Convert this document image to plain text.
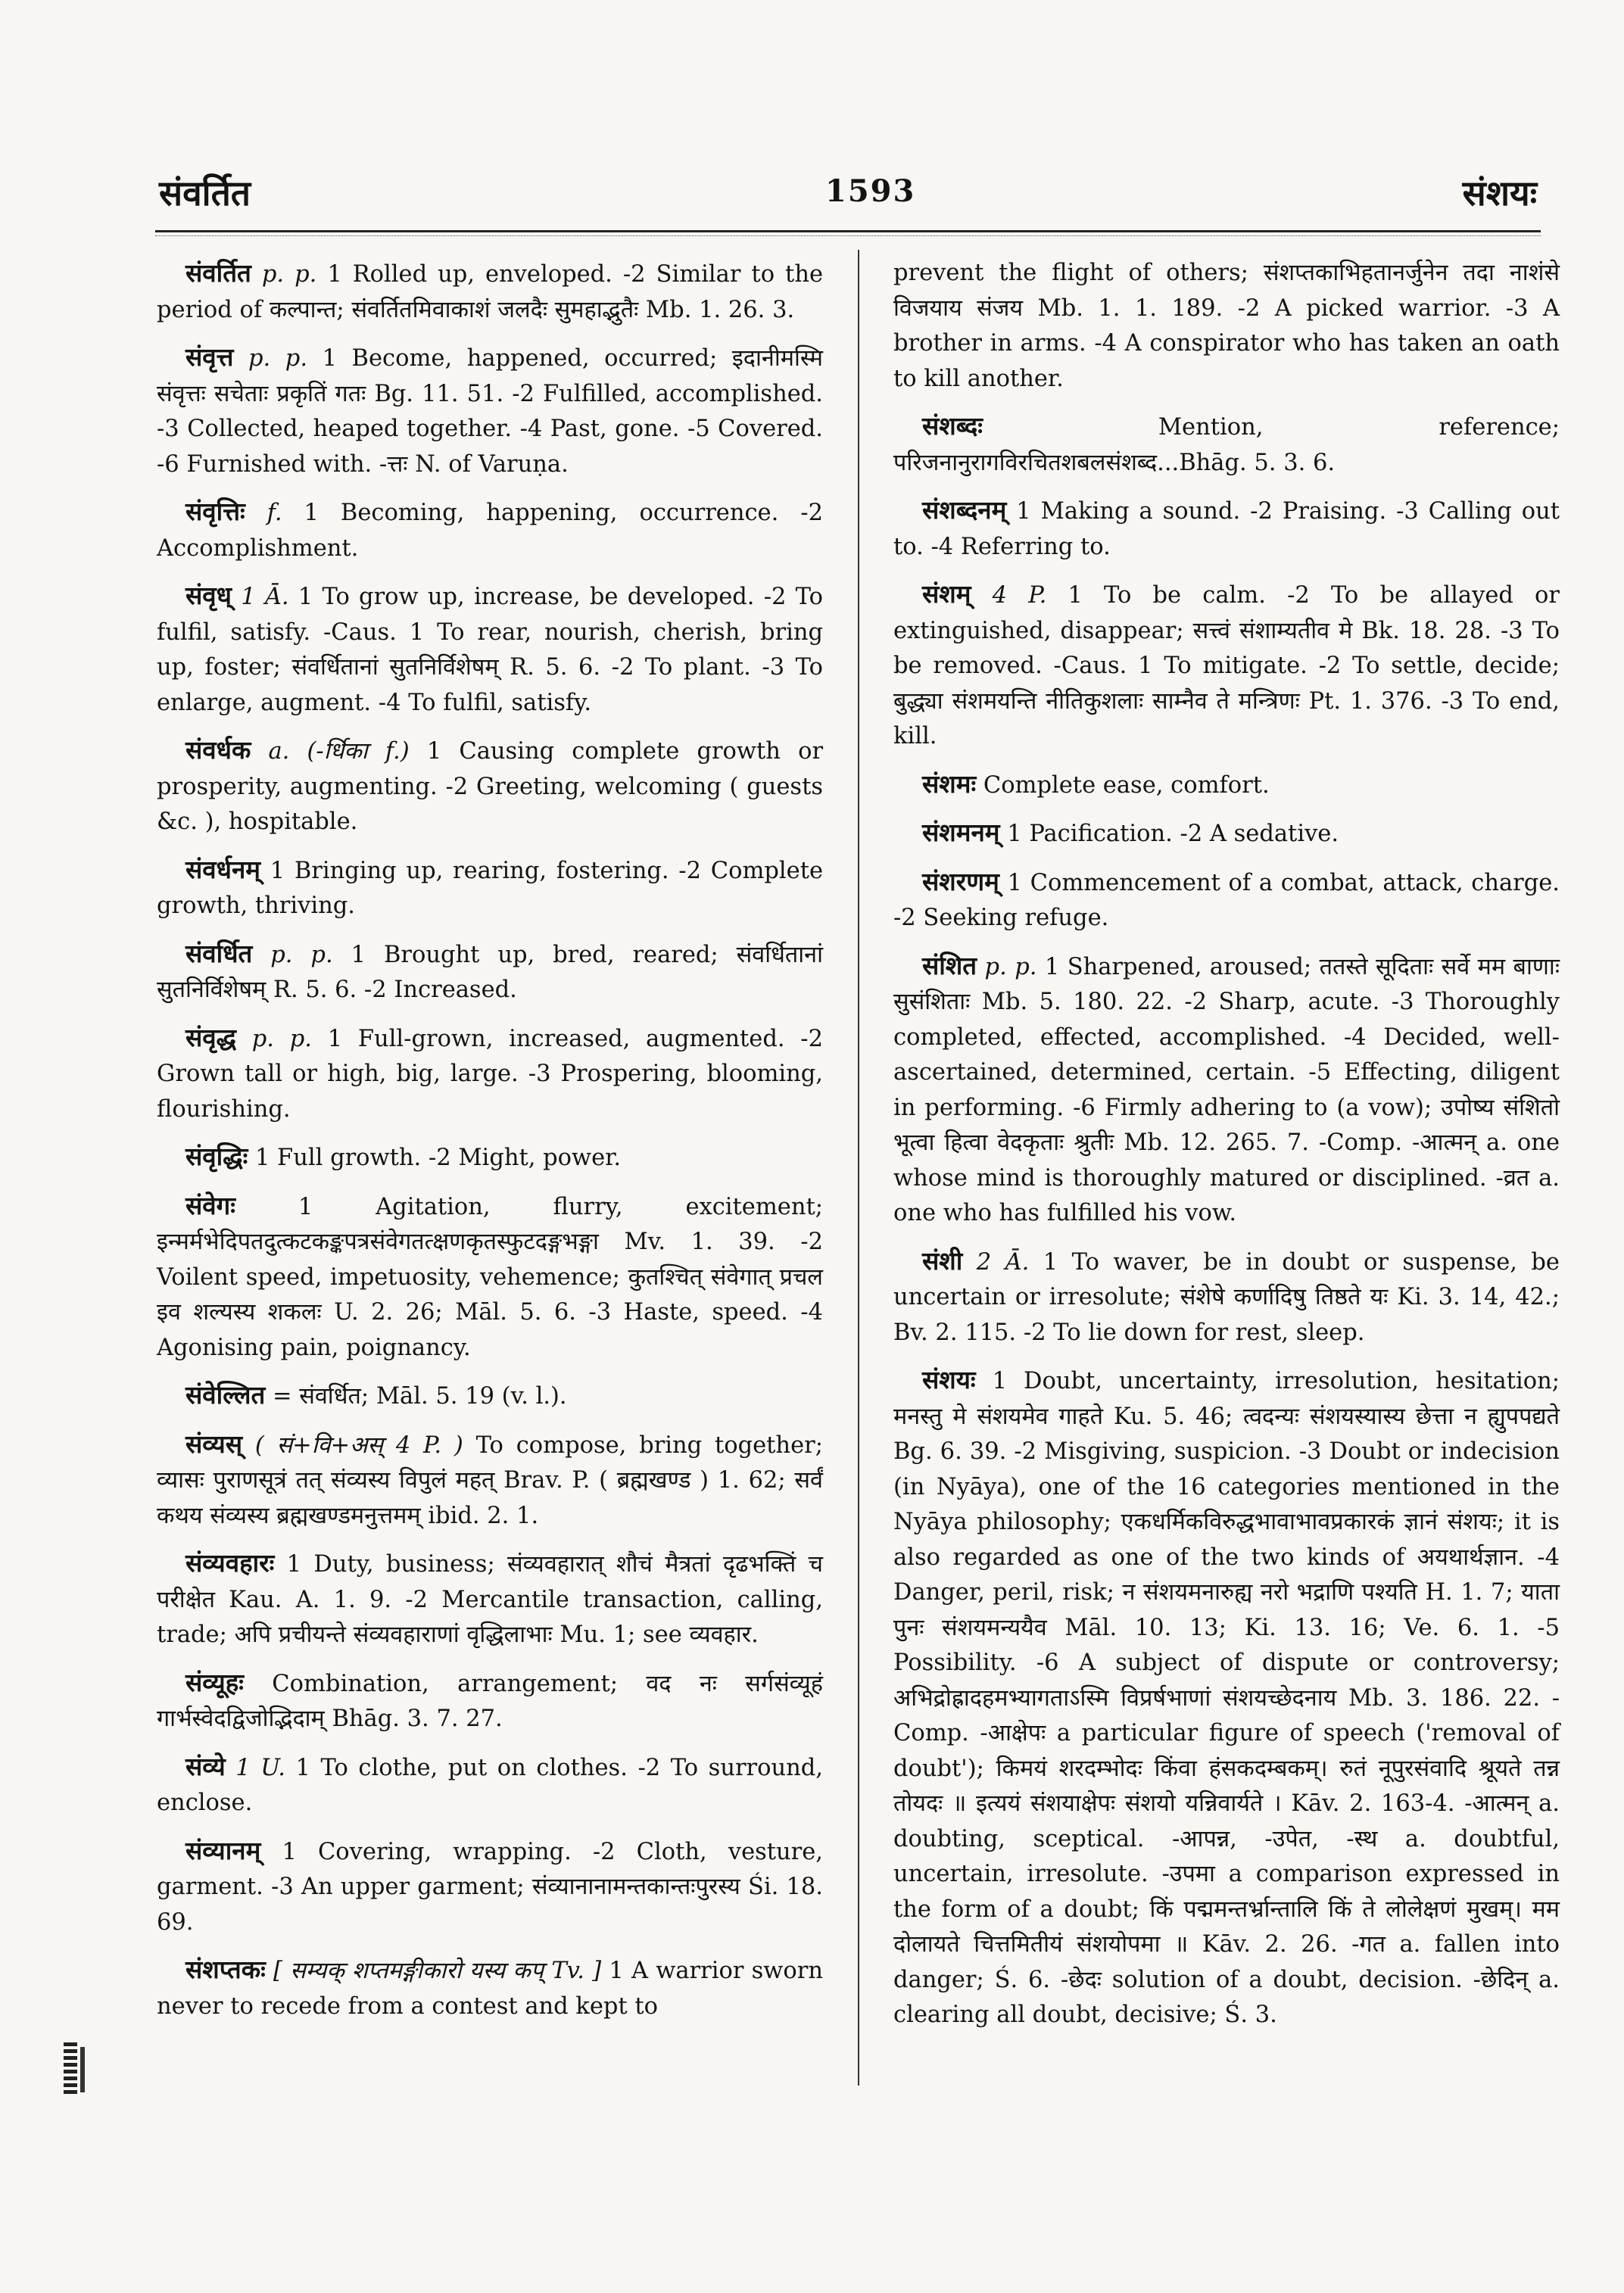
संवर्तित	1593	संशयः

संवर्तित p. p. 1 Rolled up, enveloped. -2 Similar to the period of कल्पान्त; संवर्तितमिवाकाशं जलदैः सुमहाद्भुतैः Mb. 1. 26. 3.

संवृत्त p. p. 1 Become, happened, occurred; इदानीमस्मि संवृत्तः सचेताः प्रकृतिं गतः Bg. 11. 51. -2 Fulfilled, accomplished. -3 Collected, heaped together. -4 Past, gone. -5 Covered. -6 Furnished with. -त्तः N. of Varuṇa.

संवृत्तिः f. 1 Becoming, happening, occurrence. -2 Accomplishment.

संवृध् 1 Ā. 1 To grow up, increase, be developed. -2 To fulfil, satisfy. -Caus. 1 To rear, nourish, cherish, bring up, foster; संवर्धितानां सुतनिर्विशेषम् R. 5. 6. -2 To plant. -3 To enlarge, augment. -4 To fulfil, satisfy.

संवर्धक a. (-र्धिका f.) 1 Causing complete growth or prosperity, augmenting. -2 Greeting, welcoming ( guests &c. ), hospitable.

संवर्धनम् 1 Bringing up, rearing, fostering. -2 Complete growth, thriving.

संवर्धित p. p. 1 Brought up, bred, reared; संवर्धितानां सुतनिर्विशेषम् R. 5. 6. -2 Increased.

संवृद्ध p. p. 1 Full-grown, increased, augmented. -2 Grown tall or high, big, large. -3 Prospering, blooming, flourishing.

संवृद्धिः 1 Full growth. -2 Might, power.

संवेगः	1 Agitation, flurry, excitement; इन्मर्मभेदिपतदुत्कटकङ्कपत्रसंवेगतत्क्षणकृतस्फुटदङ्गभङ्गा Mv. 1. 39. -2 Voilent speed, impetuosity, vehemence; कुतश्चित् संवेगात् प्रचल इव शल्यस्य शकलः U. 2. 26; Māl. 5. 6. -3 Haste, speed. -4 Agonising pain, poignancy.

संवेल्लित = संवर्धित; Māl. 5. 19 (v. l.).

संव्यस् ( सं+वि+अस् 4 P. ) To compose, bring together; व्यासः पुराणसूत्रं तत् संव्यस्य विपुलं महत् Brav. P. ( ब्रह्मखण्ड ) 1. 62; सर्वं कथय संव्यस्य ब्रह्मखण्डमनुत्तमम् ibid. 2. 1.

संव्यवहारः 1 Duty, business; संव्यवहारात् शौचं मैत्रतां दृढभक्तिं च परीक्षेत Kau. A. 1. 9. -2 Mercantile transaction, calling, trade; अपि प्रचीयन्ते संव्यवहाराणां वृद्धिलाभाः Mu. 1; see व्यवहार.

संव्यूहः Combination, arrangement; वद नः सर्गसंव्यूहं गार्भस्वेदद्विजोद्भिदाम् Bhāg. 3. 7. 27.

संव्ये 1 U. 1 To clothe, put on clothes. -2 To surround, enclose.

संव्यानम् 1 Covering, wrapping. -2 Cloth, vesture, garment. -3 An upper garment; संव्यानानामन्तकान्तःपुरस्य Śi. 18. 69.

संशप्तकः [ सम्यक् शप्तमङ्गीकारो यस्य कप् Tv. ] 1 A warrior sworn never to recede from a contest and kept to

prevent the flight of others; संशप्तकाभिहतानर्जुनेन तदा नाशंसे विजयाय संजय Mb. 1. 1. 189. -2 A picked warrior. -3 A brother in arms. -4 A conspirator who has taken an oath to kill another.

संशब्दः	Mention, reference; परिजनानुरागविरचितशबलसंशब्द...Bhāg. 5. 3. 6.

संशब्दनम् 1 Making a sound. -2 Praising. -3 Calling out to. -4 Referring to.

संशम् 4 P. 1 To be calm. -2 To be allayed or extinguished, disappear; सत्त्वं संशाम्यतीव मे Bk. 18. 28. -3 To be removed. -Caus. 1 To mitigate. -2 To settle, decide; बुद्ध्या संशमयन्ति नीतिकुशलाः साम्नैव ते मन्त्रिणः Pt. 1. 376. -3 To end, kill.

संशमः Complete ease, comfort.

संशमनम् 1 Pacification. -2 A sedative.

संशरणम् 1 Commencement of a combat, attack, charge. -2 Seeking refuge.

संशित p. p. 1 Sharpened, aroused; ततस्ते सूदिताः सर्वे मम बाणाः सुसंशिताः Mb. 5. 180. 22. -2 Sharp, acute. -3 Thoroughly completed, effected, accomplished. -4 Decided, well-ascertained, determined, certain. -5 Effecting, diligent in performing. -6 Firmly adhering to (a vow); उपोष्य संशितो भूत्वा हित्वा वेदकृताः श्रुतीः Mb. 12. 265. 7. -Comp. -आत्मन् a. one whose mind is thoroughly matured or disciplined. -व्रत a. one who has fulfilled his vow.

संशी 2 Ā. 1 To waver, be in doubt or suspense, be uncertain or irresolute; संशेषे कर्णादिषु तिष्ठते यः Ki. 3. 14, 42.; Bv. 2. 115. -2 To lie down for rest, sleep.

संशयः 1 Doubt, uncertainty, irresolution, hesitation; मनस्तु मे संशयमेव गाहते Ku. 5. 46; त्वदन्यः संशयस्यास्य छेत्ता न ह्युपपद्यते Bg. 6. 39. -2 Misgiving, suspicion. -3 Doubt or indecision (in Nyāya), one of the 16 categories mentioned in the Nyāya philosophy; एकधर्मिकविरुद्धभावाभावप्रकारकं ज्ञानं संशयः; it is also regarded as one of the two kinds of अयथार्थज्ञान. -4 Danger, peril, risk; न संशयमनारुह्य नरो भद्राणि पश्यति H. 1. 7; याता पुनः संशयमन्ययैव Māl. 10. 13; Ki. 13. 16; Ve. 6. 1. -5 Possibility. -6 A subject of dispute or controversy; अभिद्रोह्रादहमभ्यागताऽस्मि विप्रर्षभाणां संशयच्छेदनाय Mb. 3. 186. 22. -Comp. -आक्षेपः a particular figure of speech ('removal of doubt'); किमयं शरदम्भोदः किंवा हंसकदम्बकम्। रुतं नूपुरसंवादि श्रूयते तन्न तोयदः ॥ इत्ययं संशयाक्षेपः संशयो यन्निवार्यते । Kāv. 2. 163-4. -आत्मन् a. doubting, sceptical. -आपन्न, -उपेत, -स्थ a. doubtful, uncertain, irresolute. -उपमा a comparison expressed in the form of a doubt; किं पद्ममन्तर्भ्रान्तालि किं ते लोलेक्षणं मुखम्। मम दोलायते चित्तमितीयं संशयोपमा ॥ Kāv. 2. 26. -गत a. fallen into danger; Ś. 6. -छेदः solution of a doubt, decision. -छेदिन् a. clearing all doubt, decisive; Ś. 3.
